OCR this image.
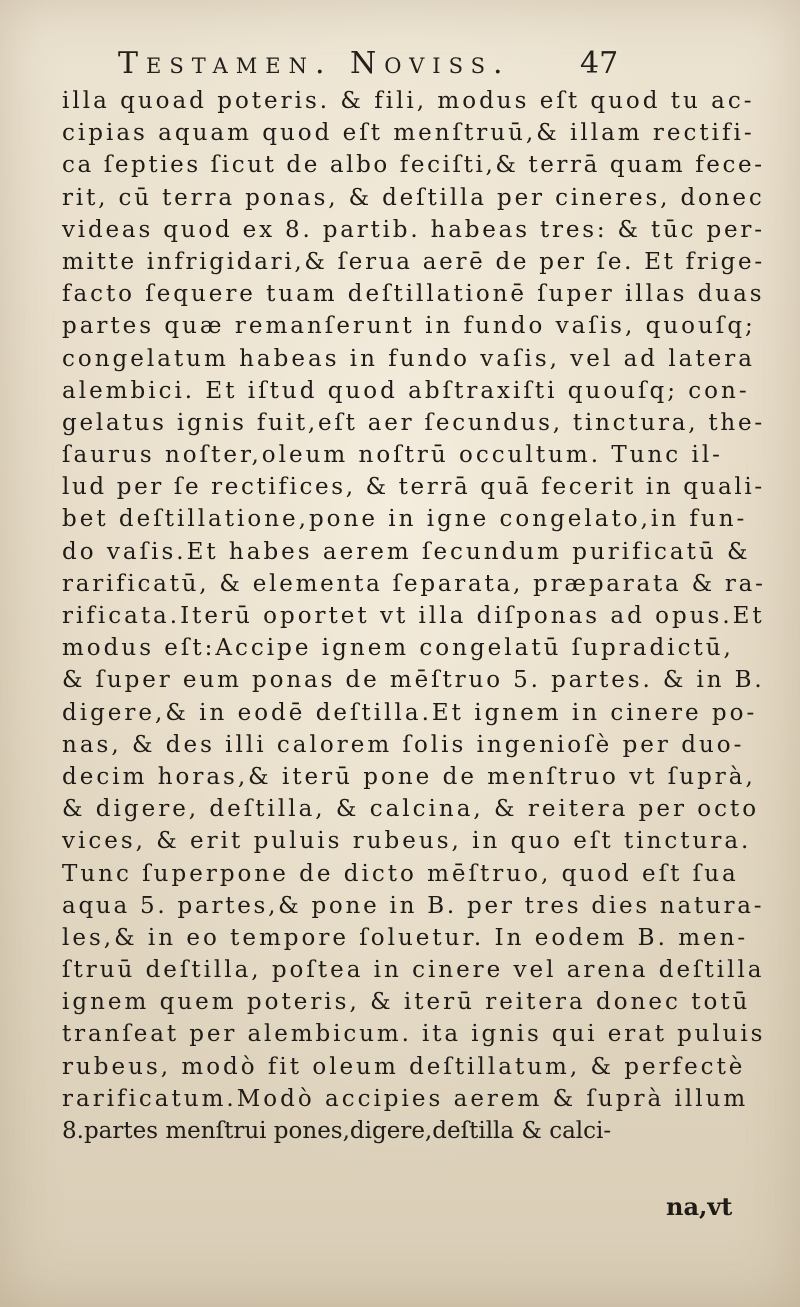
Testamen. Noviss. 47
illa quoad poteris. & fili, modus eſt quod tu ac-
cipias aquam quod eſt menſtruū,& illam rectifi-
ca ſepties ſicut de albo feciſti,& terrā quam fece-
rit, cū terra ponas, & deſtilla per cineres, donec
videas quod ex 8. partib. habeas tres: & tūc per-
mitte infrigidari,& ſerua aerē de per ſe. Et frige-
facto ſequere tuam deſtillationē ſuper illas duas
partes quæ remanſerunt in fundo vaſis, quouſq;
congelatum habeas in fundo vaſis, vel ad latera
alembici. Et iſtud quod abſtraxiſti quouſq; con-
gelatus ignis fuit,eſt aer ſecundus, tinctura, the-
ſaurus noſter,oleum noſtrū occultum. Tunc il-
lud per ſe rectifices, & terrā quā fecerit in quali-
bet deſtillatione,pone in igne congelato,in fun-
do vaſis.Et habes aerem ſecundum purificatū &
rarificatū, & elementa ſeparata, præparata & ra-
rificata.Iterū oportet vt illa diſponas ad opus.Et
modus eſt:Accipe ignem congelatū ſupradictū,
& ſuper eum ponas de mēſtruo 5. partes. & in B.
digere,& in eodē deſtilla.Et ignem in cinere po-
nas, & des illi calorem ſolis ingenioſè per duo-
decim horas,& iterū pone de menſtruo vt ſuprà,
& digere, deſtilla, & calcina, & reitera per octo
vices, & erit puluis rubeus, in quo eſt tinctura.
Tunc ſuperpone de dicto mēſtruo, quod eſt ſua
aqua 5. partes,& pone in B. per tres dies natura-
les,& in eo tempore ſoluetur. In eodem B. men-
ſtruū deſtilla, poſtea in cinere vel arena deſtilla
ignem quem poteris, & iterū reitera donec totū
tranſeat per alembicum. ita ignis qui erat puluis
rubeus, modò fit oleum deſtillatum, & perfectè
rarificatum.Modò accipies aerem & ſuprà illum
8.partes menſtrui pones,digere,deſtilla & calci-
na,vt
